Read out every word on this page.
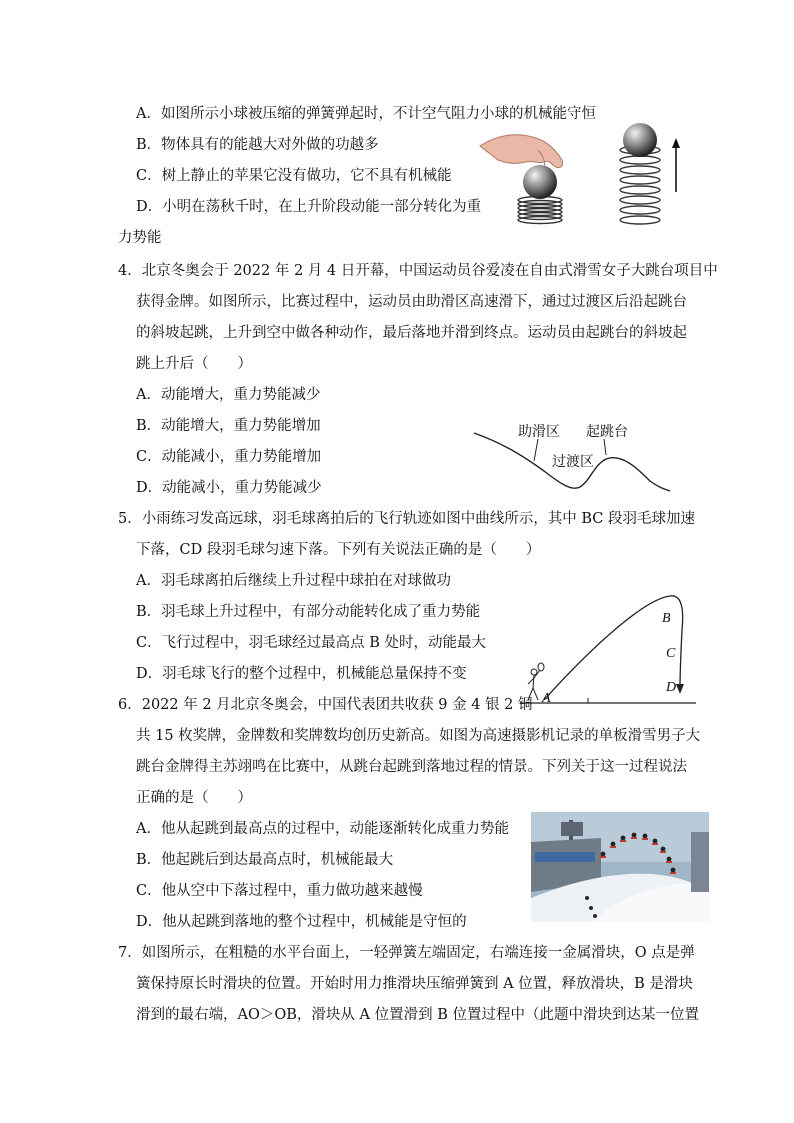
A．如图所示小球被压缩的弹簧弹起时，不计空气阻力小球的机械能守恒
B．物体具有的能越大对外做的功越多
C．树上静止的苹果它没有做功，它不具有机械能
D．小明在荡秋千时，在上升阶段动能一部分转化为重
力势能
4．北京冬奥会于 2022 年 2 月 4 日开幕，中国运动员谷爱凌在自由式滑雪女子大跳台项目中
获得金牌。如图所示，比赛过程中，运动员由助滑区高速滑下，通过过渡区后沿起跳台
的斜坡起跳，上升到空中做各种动作，最后落地并滑到终点。运动员由起跳台的斜坡起
跳上升后（　　）
A．动能增大，重力势能减少
B．动能增大，重力势能增加
C．动能减小，重力势能增加
D．动能减小，重力势能减少
助滑区 起跳台
过渡区
5．小雨练习发高远球，羽毛球离拍后的飞行轨迹如图中曲线所示，其中 BC 段羽毛球加速
下落，CD 段羽毛球匀速下落。下列有关说法正确的是（　　）
A．羽毛球离拍后继续上升过程中球拍在对球做功
B．羽毛球上升过程中，有部分动能转化成了重力势能
C．飞行过程中，羽毛球经过最高点 B 处时，动能最大
D．羽毛球飞行的整个过程中，机械能总量保持不变
A
B
C
D
6．2022 年 2 月北京冬奥会，中国代表团共收获 9 金 4 银 2 铜
共 15 枚奖牌，金牌数和奖牌数均创历史新高。如图为高速摄影机记录的单板滑雪男子大
跳台金牌得主苏翊鸣在比赛中，从跳台起跳到落地过程的情景。下列关于这一过程说法
正确的是（　　）
A．他从起跳到最高点的过程中，动能逐渐转化成重力势能
B．他起跳后到达最高点时，机械能最大
C．他从空中下落过程中，重力做功越来越慢
D．他从起跳到落地的整个过程中，机械能是守恒的
7．如图所示，在粗糙的水平台面上，一轻弹簧左端固定，右端连接一金属滑块，O 点是弹
簧保持原长时滑块的位置。开始时用力推滑块压缩弹簧到 A 位置，释放滑块，B 是滑块
滑到的最右端，AO＞OB，滑块从 A 位置滑到 B 位置过程中（此题中滑块到达某一位置
